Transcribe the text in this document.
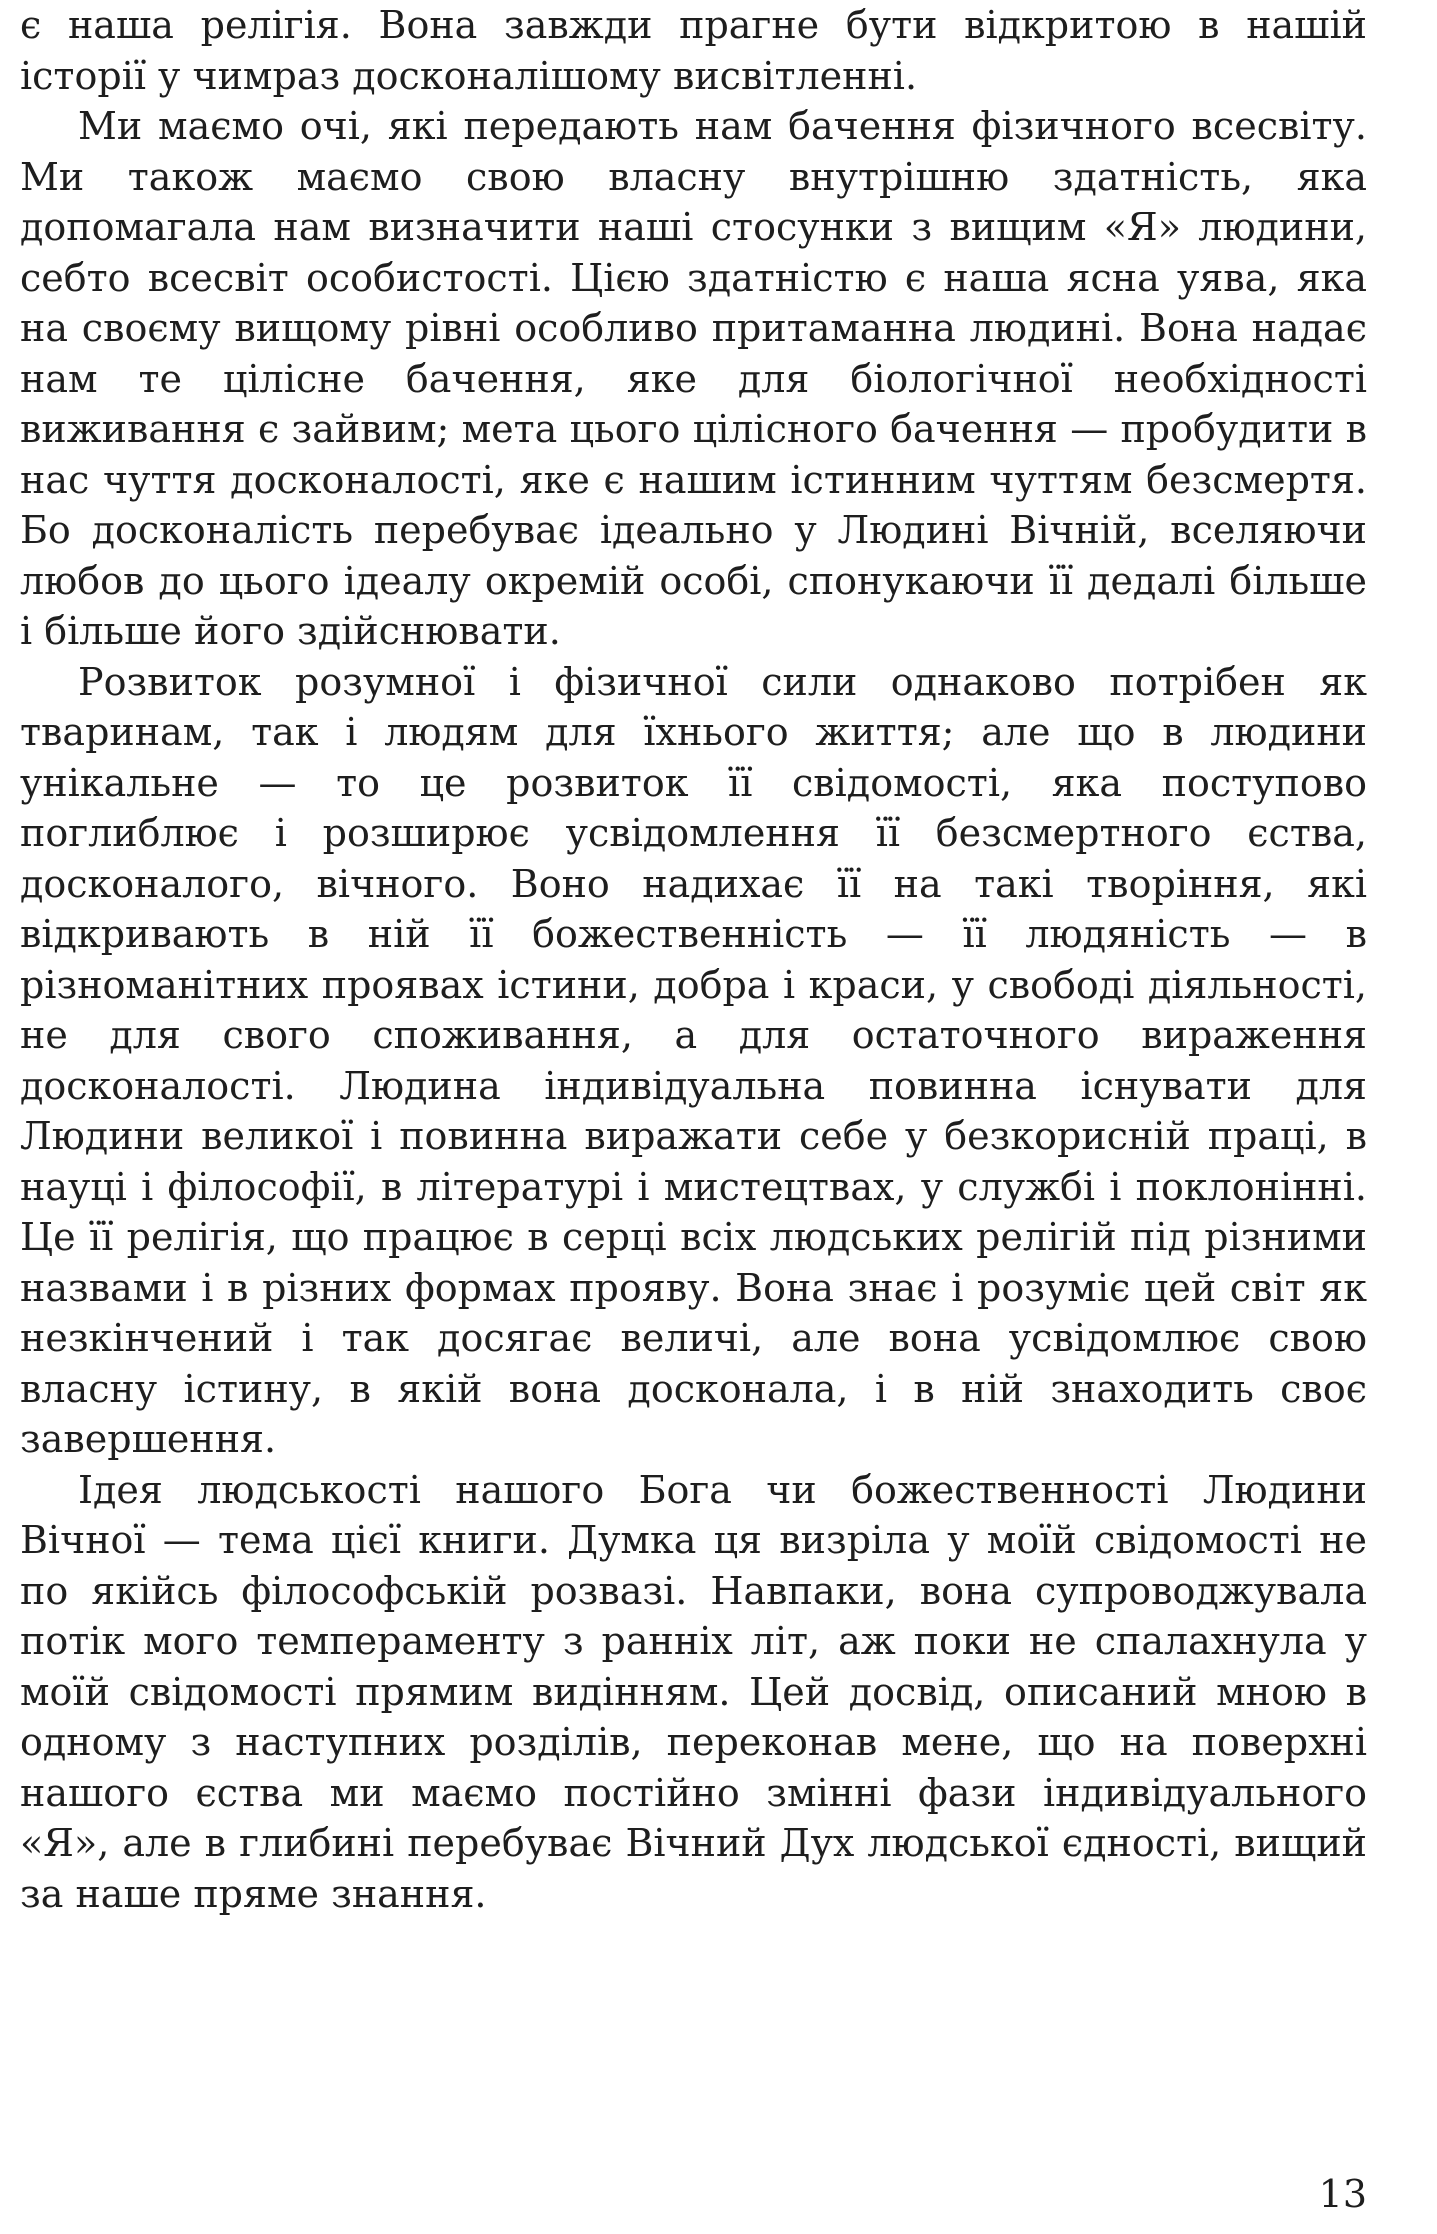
є наша релігія. Вона завжди прагне бути відкритою в нашій історії у чимраз досконалішому висвітленні.

Ми маємо очі, які передають нам бачення фізичного всесвіту. Ми також маємо свою власну внутрішню здатність, яка допомагала нам визначити наші стосунки з вищим «Я» людини, себто всесвіт особистості. Цією здатністю є наша ясна уява, яка на своєму вищому рівні особливо притаманна людині. Вона надає нам те цілісне бачення, яке для біологічної необхідності виживання є зайвим; мета цього цілісного бачення — пробудити в нас чуття досконалості, яке є нашим істинним чуттям безсмертя. Бо досконалість перебуває ідеально у Людині Вічній, вселяючи любов до цього ідеалу окремій особі, спонукаючи її дедалі більше і більше його здійснювати.

Розвиток розумної і фізичної сили однаково потрібен як тваринам, так і людям для їхнього життя; але що в людини унікальне — то це розвиток її свідомості, яка поступово поглиблює і розширює усвідомлення її безсмертного єства, досконалого, вічного. Воно надихає її на такі творіння, які відкривають в ній її божественність — її людяність — в різноманітних проявах істини, добра і краси, у свободі діяльності, не для свого споживання, а для остаточного вираження досконалості. Людина індивідуальна повинна існувати для Людини великої і повинна виражати себе у безкорисній праці, в науці і філософії, в літературі і мистецтвах, у службі і поклонінні. Це її релігія, що працює в серці всіх людських релігій під різними назвами і в різних формах прояву. Вона знає і розуміє цей світ як незкінчений і так досягає величі, але вона усвідомлює свою власну істину, в якій вона досконала, і в ній знаходить своє завершення.

Ідея людськості нашого Бога чи божественності Людини Вічної — тема цієї книги. Думка ця визріла у моїй свідомості не по якійсь філософській розвазі. Навпаки, вона супроводжувала потік мого темпераменту з ранніх літ, аж поки не спалахнула у моїй свідомості прямим видінням. Цей досвід, описаний мною в одному з наступних розділів, переконав мене, що на поверхні нашого єства ми маємо постійно змінні фази індивідуального «Я», але в глибині перебуває Вічний Дух людської єдності, вищий за наше пряме знання.

13
